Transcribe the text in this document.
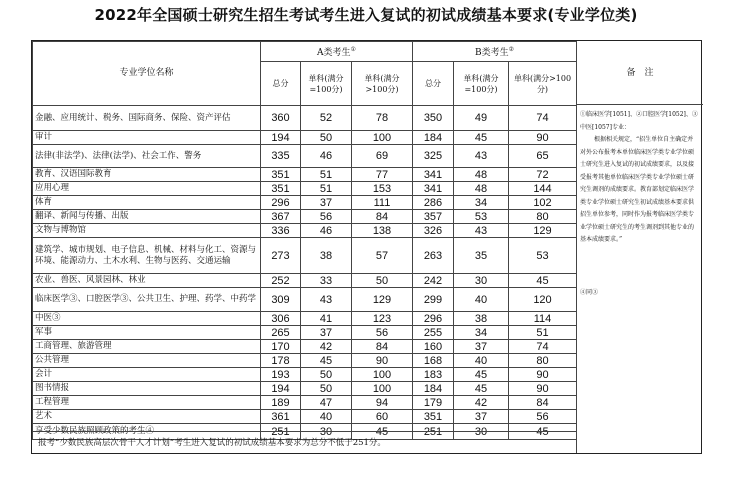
2022年全国硕士研究生招生考试考生进入复试的初试成绩基本要求(专业学位类)
专业学位名称	A类考生①			B类考生②
	总分	单科(满分=100分)	单科(满分>100分)	总分	单科(满分=100分)	单科(满分>100分)
金融、应用统计、税务、国际商务、保险、资产评估	360	52	78	350	49	74
审计	194	50	100	184	45	90
法律(非法学)、法律(法学)、社会工作、警务	335	46	69	325	43	65
教育、汉语国际教育	351	51	77	341	48	72
应用心理	351	51	153	341	48	144
体育	296	37	111	286	34	102
翻译、新闻与传播、出版	367	56	84	357	53	80
文物与博物馆	336	46	138	326	43	129
建筑学、城市规划、电子信息、机械、材料与化工、资源与环境、能源动力、土木水利、生物与医药、交通运输	273	38	57	263	35	53
农业、兽医、风景园林、林业	252	33	50	242	30	45
临床医学③、口腔医学③、公共卫生、护理、药学、中药学	309	43	129	299	40	120
中医③	306	41	123	296	38	114
军事	265	37	56	255	34	51
工商管理、旅游管理	170	42	84	160	37	74
公共管理	178	45	90	168	40	80
会计	193	50	100	183	45	90
图书情报	194	50	100	184	45	90
工程管理	189	47	94	179	42	84
艺术	361	40	60	351	37	56
享受少数民族照顾政策的考生④	251	30	45	251	30	45
备　注

①临床医学[1051]、②口腔医学[1052]、③中医[1057]专业：

根据相关规定，“招生单位自主确定并对外公布报考本单位临床医学类专业学位硕士研究生进入复试的初试成绩要求，以及接受报考其他单位临床医学类专业学位硕士研究生调剂的成绩要求。教育部划定临床医学类专业学位硕士研究生初试成绩基本要求供招生单位参考，同时作为报考临床医学类专业学位硕士研究生的考生调剂到其他专业的基本成绩要求。”

④同③

报考“少数民族高层次骨干人才计划”考生进入复试的初试成绩基本要求为总分不低于251分。
